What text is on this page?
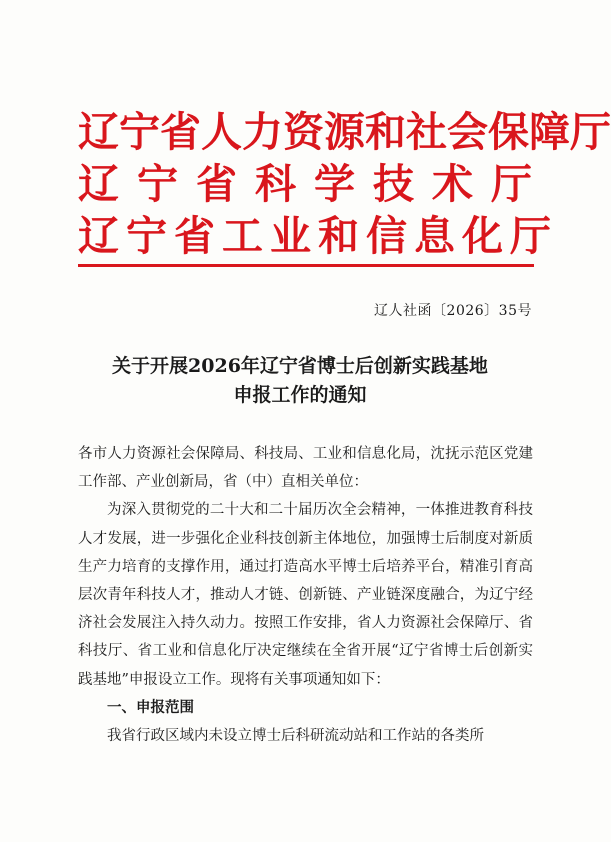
辽宁省人力资源和社会保障厅
辽宁省科学技术厅
辽宁省工业和信息化厅
辽人社函〔2026〕35号
关于开展2026年辽宁省博士后创新实践基地
申报工作的通知

各市人力资源社会保障局、科技局、工业和信息化局，沈抚示范区党建工作部、产业创新局，省（中）直相关单位：

为深入贯彻党的二十大和二十届历次全会精神，一体推进教育科技人才发展，进一步强化企业科技创新主体地位，加强博士后制度对新质生产力培育的支撑作用，通过打造高水平博士后培养平台，精准引育高层次青年科技人才，推动人才链、创新链、产业链深度融合，为辽宁经济社会发展注入持久动力。按照工作安排，省人力资源社会保障厅、省科技厅、省工业和信息化厅决定继续在全省开展“辽宁省博士后创新实践基地”申报设立工作。现将有关事项通知如下：

一、申报范围

我省行政区域内未设立博士后科研流动站和工作站的各类所
